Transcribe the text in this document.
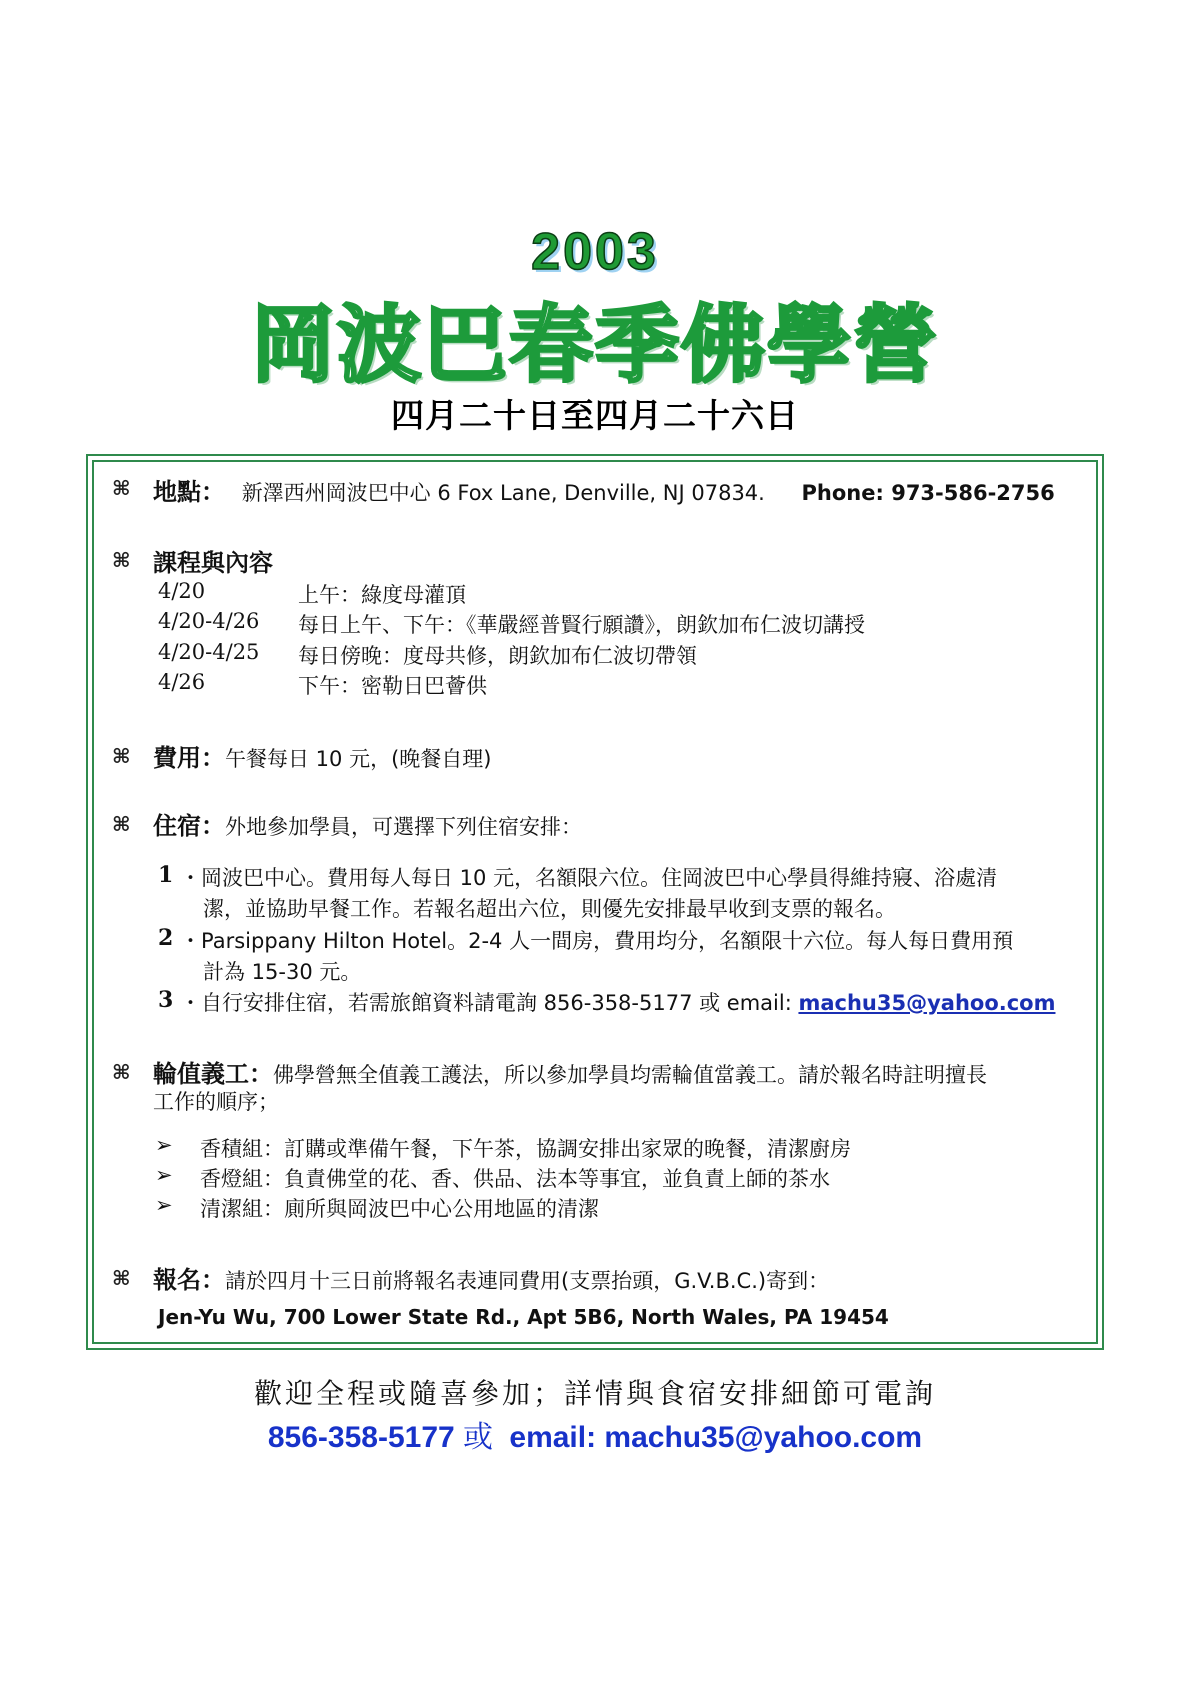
2003
岡波巴春季佛學營
四月二十日至四月二十六日
⌘ 地點： 新澤西州岡波巴中心 6 Fox Lane, Denville, NJ 07834. Phone: 973-586-2756
⌘ 課程與內容
4/20	上午：綠度母灌頂
4/20-4/26 每日上午、下午：《華嚴經普賢行願讚》，朗欽加布仁波切講授
4/20-4/25 每日傍晚：度母共修，朗欽加布仁波切帶領
4/26	下午：密勒日巴薈供
⌘ 費用：午餐每日 10 元，(晚餐自理)
⌘ 住宿：外地參加學員，可選擇下列住宿安排：
1 ・岡波巴中心。費用每人每日 10 元，名額限六位。住岡波巴中心學員得維持寢、浴處清
潔，並協助早餐工作。若報名超出六位，則優先安排最早收到支票的報名。
2 ・Parsippany Hilton Hotel。2-4 人一間房，費用均分，名額限十六位。每人每日費用預
計為 15-30 元。
3 ・自行安排住宿，若需旅館資料請電詢 856-358-5177 或 email: machu35@yahoo.com
⌘ 輪值義工：佛學營無全值義工護法，所以參加學員均需輪值當義工。請於報名時註明擅長
工作的順序；
➢ 香積組：訂購或準備午餐，下午茶，協調安排出家眾的晚餐，清潔廚房
➢ 香燈組：負責佛堂的花、香、供品、法本等事宜，並負責上師的茶水
➢ 清潔組：廁所與岡波巴中心公用地區的清潔
⌘ 報名：請於四月十三日前將報名表連同費用(支票抬頭，G.V.B.C.)寄到：
Jen-Yu Wu, 700 Lower State Rd., Apt 5B6, North Wales, PA 19454
歡迎全程或隨喜參加；詳情與食宿安排細節可電詢
856-358-5177 或 email: machu35@yahoo.com
